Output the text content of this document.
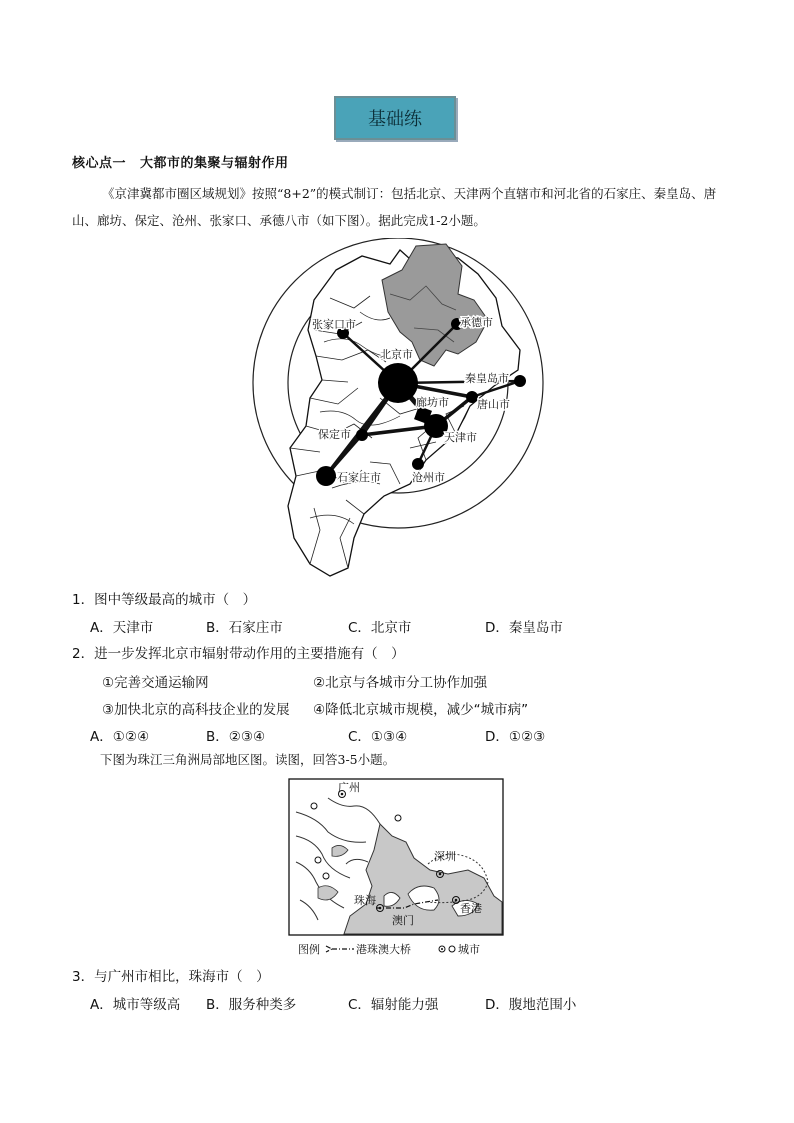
基础练
核心点一 大都市的集聚与辐射作用
《京津冀都市圈区域规划》按照“8+2”的模式制订：包括北京、天津两个直辖市和河北省的石家庄、秦皇岛、唐山、廊坊、保定、沧州、张家口、承德八市（如下图）。据此完成1-2小题。
张家口市	承德市
北京市
秦皇岛市
廊坊市	唐山市
保定市	天津市
石家庄市	沧州市
1．图中等级最高的城市（　）
A．天津市	B．石家庄市	C．北京市	D．秦皇岛市
2．进一步发挥北京市辐射带动作用的主要措施有（　）
①完善交通运输网	②北京与各城市分工协作加强
③加快北京的高科技企业的发展 ④降低北京城市规模，减少“城市病”
A．①②④	B．②③④	C．①③④	D．①②③
下图为珠江三角洲局部地区图。读图，回答3-5小题。
广州
深圳
珠海
香港
澳门
图例	港珠澳大桥	城市
3．与广州市相比，珠海市（　）
A．城市等级高 B．服务种类多	C．辐射能力强	D．腹地范围小
